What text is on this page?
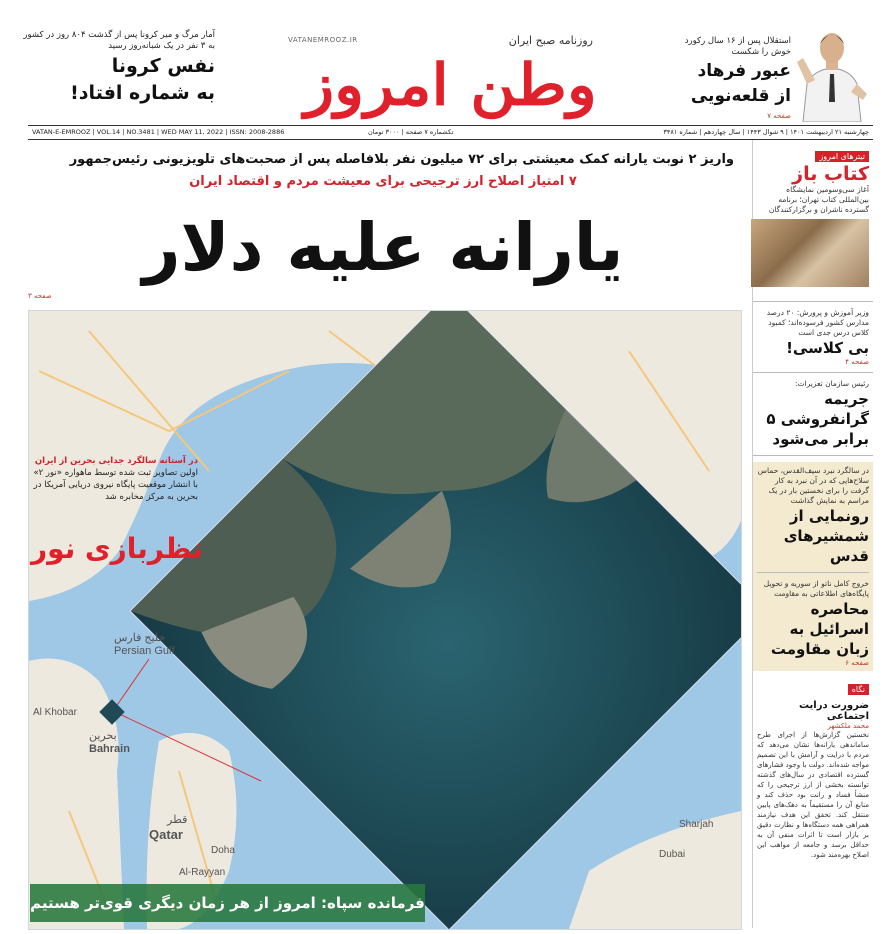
آمار مرگ و میر کرونا پس از گذشت ۸۰۴ روز در کشور به ۳ نفر در یک شبانه‌روز رسید
نفس کرونا
به شماره افتاد!
VATANEMROOZ.IR	روزنامه صبح ایران
وطن امروز
استقلال پس از ۱۶ سال رکورد خوش را شکست
عبور فرهاد
از قلعه‌نویی
صفحه ۷
VATAN-E-EMROOZ | VOL.14 | NO.3481 | WED MAY 11, 2022 | ISSN: 2008-2886	تکشماره ۷ صفحه | ۳۰۰۰ تومان	چهارشنبه ۲۱ اردیبهشت ۱۴۰۱ | ۹ شوال ۱۴۴۳ | سال چهاردهم | شماره ۳۴۸۱
واریز ۲ نوبت یارانه کمک معیشتی برای ۷۲ میلیون نفر بلافاصله پس از صحبت‌های تلویزیونی رئیس‌جمهور
۷ امتیاز اصلاح ارز ترجیحی برای معیشت مردم و اقتصاد ایران
یارانه علیه دلار
صفحه ۳
خلیج فارس
Persian Gulf
Al Khobar
بحرین
Bahrain
قطر
Qatar
Doha
Al-Rayyan
Sharjah
Dubai
در آستانه سالگرد جدایی بحرین از ایران
اولین تصاویر ثبت شده توسط ماهواره «نور ۲» با انتشار موقعیت پایگاه نیروی دریایی آمریکا در بحرین به مرکز مخابره شد
نظربازی نور
فرمانده سپاه: امروز از هر زمان دیگری قوی‌تر هستیم
تیترهای امروز
کتاب باز
آغاز سی‌وسومین نمایشگاه بین‌المللی کتاب تهران؛ برنامه گسترده ناشران و برگزارکنندگان
وزیر آموزش و پرورش: ۲۰ درصد مدارس کشور فرسوده‌اند؛ کمبود کلاس درس جدی است
بی کلاسی!
صفحه ۴
رئیس سازمان تعزیرات:
جریمه گرانفروشی ۵ برابر می‌شود
در سالگرد نبرد سیف‌القدس، حماس سلاح‌هایی که در آن نبرد به کار گرفت را برای نخستین بار در یک مراسم به نمایش گذاشت
رونمایی از شمشیرهای قدس
خروج کامل ناتو از سوریه و تحویل پایگاه‌های اطلاعاتی به مقاومت
محاصره اسرائیل به زبان مقاومت
صفحه ۶
نگاه
ضرورت درایت اجتماعی
محمد ملکشهر
نخستین گزارش‌ها از اجرای طرح ساماندهی یارانه‌ها نشان می‌دهد که مردم با درایت و آرامش با این تصمیم مواجه شده‌اند. دولت با وجود فشارهای گسترده اقتصادی در سال‌های گذشته توانسته بخشی از ارز ترجیحی را که منشأ فساد و رانت بود حذف کند و منابع آن را مستقیماً به دهک‌های پایین منتقل کند. تحقق این هدف نیازمند همراهی همه دستگاه‌ها و نظارت دقیق بر بازار است تا اثرات منفی آن به حداقل برسد و جامعه از مواهب این اصلاح بهره‌مند شود.
